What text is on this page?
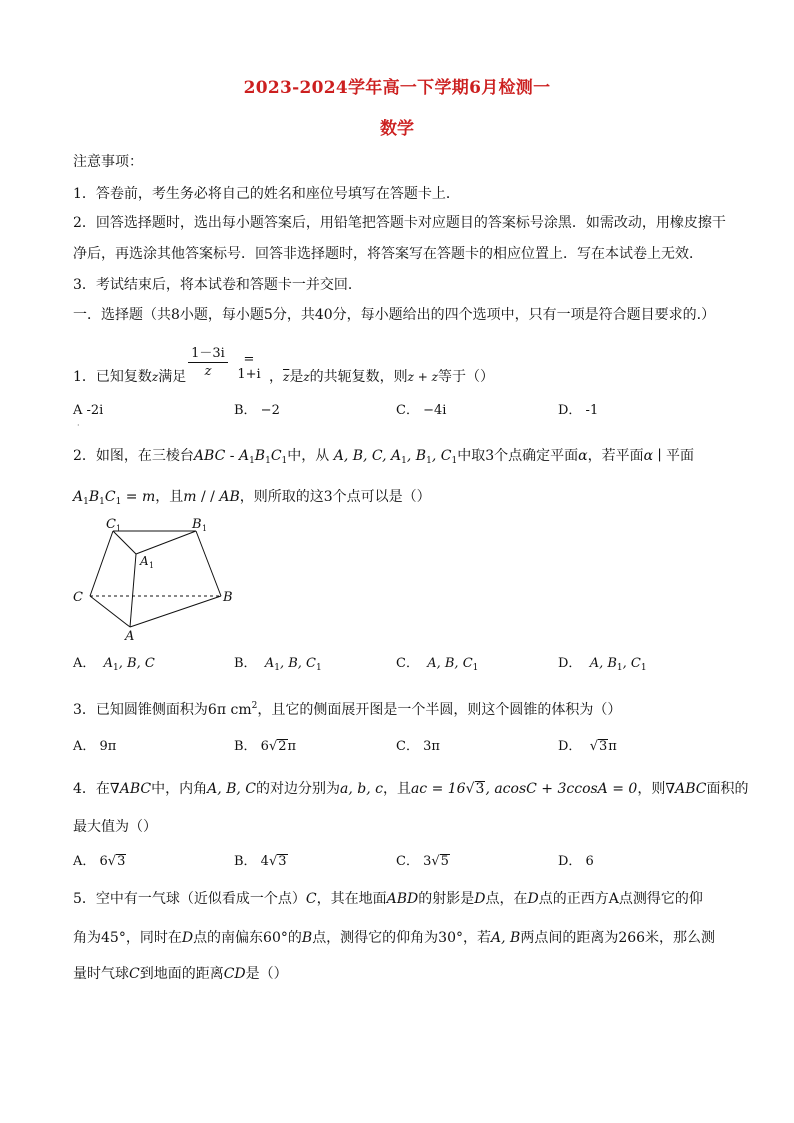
2023-2024学年高一下学期6月检测一
数学
注意事项：
1．答卷前，考生务必将自己的姓名和座位号填写在答题卡上．
2．回答选择题时，选出每小题答案后，用铅笔把答题卡对应题目的答案标号涂黑．如需改动，用橡皮擦干
净后，再选涂其他答案标号．回答非选择题时，将答案写在答题卡的相应位置上．写在本试卷上无效．
3．考试结束后，将本试卷和答题卡一并交回．
一．选择题（共8小题，每小题5分，共40分，每小题给出的四个选项中，只有一项是符合题目要求的.）
1－3i
z
= 1+i
1．已知复数z满足	，$\overline{z}$是z的共轭复数，则z + z等于（）
A -2i	B． −2	C． −4i	D． -1
·
2．如图，在三棱台ABC - $A_1B_1C_1$中，从 A, B, C, $A_1$, $B_1$, $C_1$中取3个点确定平面α，若平面α ∣ 平面
$A_1B_1C_1 = m$，且m / / AB，则所取的这3个点可以是（）
C 1	B 1
A 1
C	B
A
A． $A_1$, B, C	B． $A_1$, B, $C_1$	C． A, B, $C_1$	D． A, $B_1$, $C_1$
3．已知圆锥侧面积为6π $cm^2$，且它的侧面展开图是一个半圆，则这个圆锥的体积为（）
A． 9π	B． 6√2π	C． 3π	D． √3π
4．在∇ABC中，内角A, B, C的对边分别为a, b, c，且ac = 16√3, acosC + 3ccosA = 0，则∇ABC面积的
最大值为（）
A． 6√3	B． 4√3	C． 3√5	D． 6
5．空中有一气球（近似看成一个点）C，其在地面ABD的射影是D点，在D点的正西方A点测得它的仰
角为45°，同时在D点的南偏东60°的B点，测得它的仰角为30°，若A, B两点间的距离为266米，那么测
量时气球C到地面的距离CD是（）
